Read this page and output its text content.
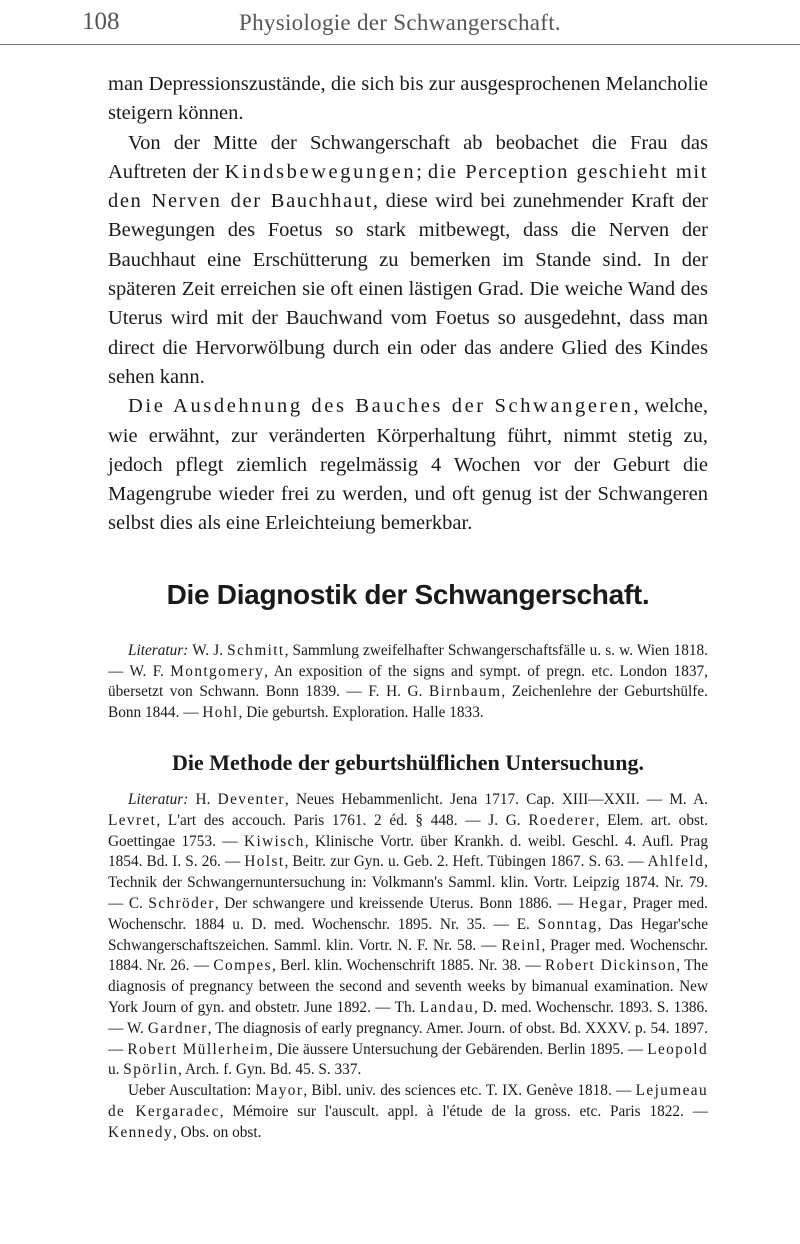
108	Physiologie der Schwangerschaft.

man Depressionszustände, die sich bis zur ausgesprochenen Melancholie steigern können.

Von der Mitte der Schwangerschaft ab beobachet die Frau das Auftreten der Kindsbewegungen; die Perception geschieht mit den Nerven der Bauchhaut, diese wird bei zunehmender Kraft der Bewegungen des Foetus so stark mitbewegt, dass die Nerven der Bauchhaut eine Erschütterung zu bemerken im Stande sind. In der späteren Zeit erreichen sie oft einen lästigen Grad. Die weiche Wand des Uterus wird mit der Bauchwand vom Foetus so ausgedehnt, dass man direct die Hervorwölbung durch ein oder das andere Glied des Kindes sehen kann.

Die Ausdehnung des Bauches der Schwangeren, welche, wie erwähnt, zur veränderten Körperhaltung führt, nimmt stetig zu, jedoch pflegt ziemlich regelmässig 4 Wochen vor der Geburt die Magengrube wieder frei zu werden, und oft genug ist der Schwangeren selbst dies als eine Erleichteiung bemerkbar.

Die Diagnostik der Schwangerschaft.

Literatur: W. J. Schmitt, Sammlung zweifelhafter Schwangerschaftsfälle u. s. w. Wien 1818. — W. F. Montgomery, An exposition of the signs and sympt. of pregn. etc. London 1837, übersetzt von Schwann. Bonn 1839. — F. H. G. Birnbaum, Zeichenlehre der Geburtshülfe. Bonn 1844. — Hohl, Die geburtsh. Exploration. Halle 1833.

Die Methode der geburtshülflichen Untersuchung.

Literatur: H. Deventer, Neues Hebammenlicht. Jena 1717. Cap. XIII—XXII. — M. A. Levret, L'art des accouch. Paris 1761. 2 éd. § 448. — J. G. Roederer, Elem. art. obst. Goettingae 1753. — Kiwisch, Klinische Vortr. über Krankh. d. weibl. Geschl. 4. Aufl. Prag 1854. Bd. I. S. 26. — Holst, Beitr. zur Gyn. u. Geb. 2. Heft. Tübingen 1867. S. 63. — Ahlfeld, Technik der Schwangernuntersuchung in: Volkmann's Samml. klin. Vortr. Leipzig 1874. Nr. 79. — C. Schröder, Der schwangere und kreissende Uterus. Bonn 1886. — Hegar, Prager med. Wochenschr. 1884 u. D. med. Wochenschr. 1895. Nr. 35. — E. Sonntag, Das Hegar'sche Schwangerschaftszeichen. Samml. klin. Vortr. N. F. Nr. 58. — Reinl, Prager med. Wochenschr. 1884. Nr. 26. — Compes, Berl. klin. Wochenschrift 1885. Nr. 38. — Robert Dickinson, The diagnosis of pregnancy between the second and seventh weeks by bimanual examination. New York Journ of gyn. and obstetr. June 1892. — Th. Landau, D. med. Wochenschr. 1893. S. 1386. — W. Gardner, The diagnosis of early pregnancy. Amer. Journ. of obst. Bd. XXXV. p. 54. 1897. — Robert Müllerheim, Die äussere Untersuchung der Gebärenden. Berlin 1895. — Leopold u. Spörlin, Arch. f. Gyn. Bd. 45. S. 337.

Ueber Auscultation: Mayor, Bibl. univ. des sciences etc. T. IX. Genève 1818. — Lejumeau de Kergaradec, Mémoire sur l'auscult. appl. à l'étude de la gross. etc. Paris 1822. — Kennedy, Obs. on obst.
